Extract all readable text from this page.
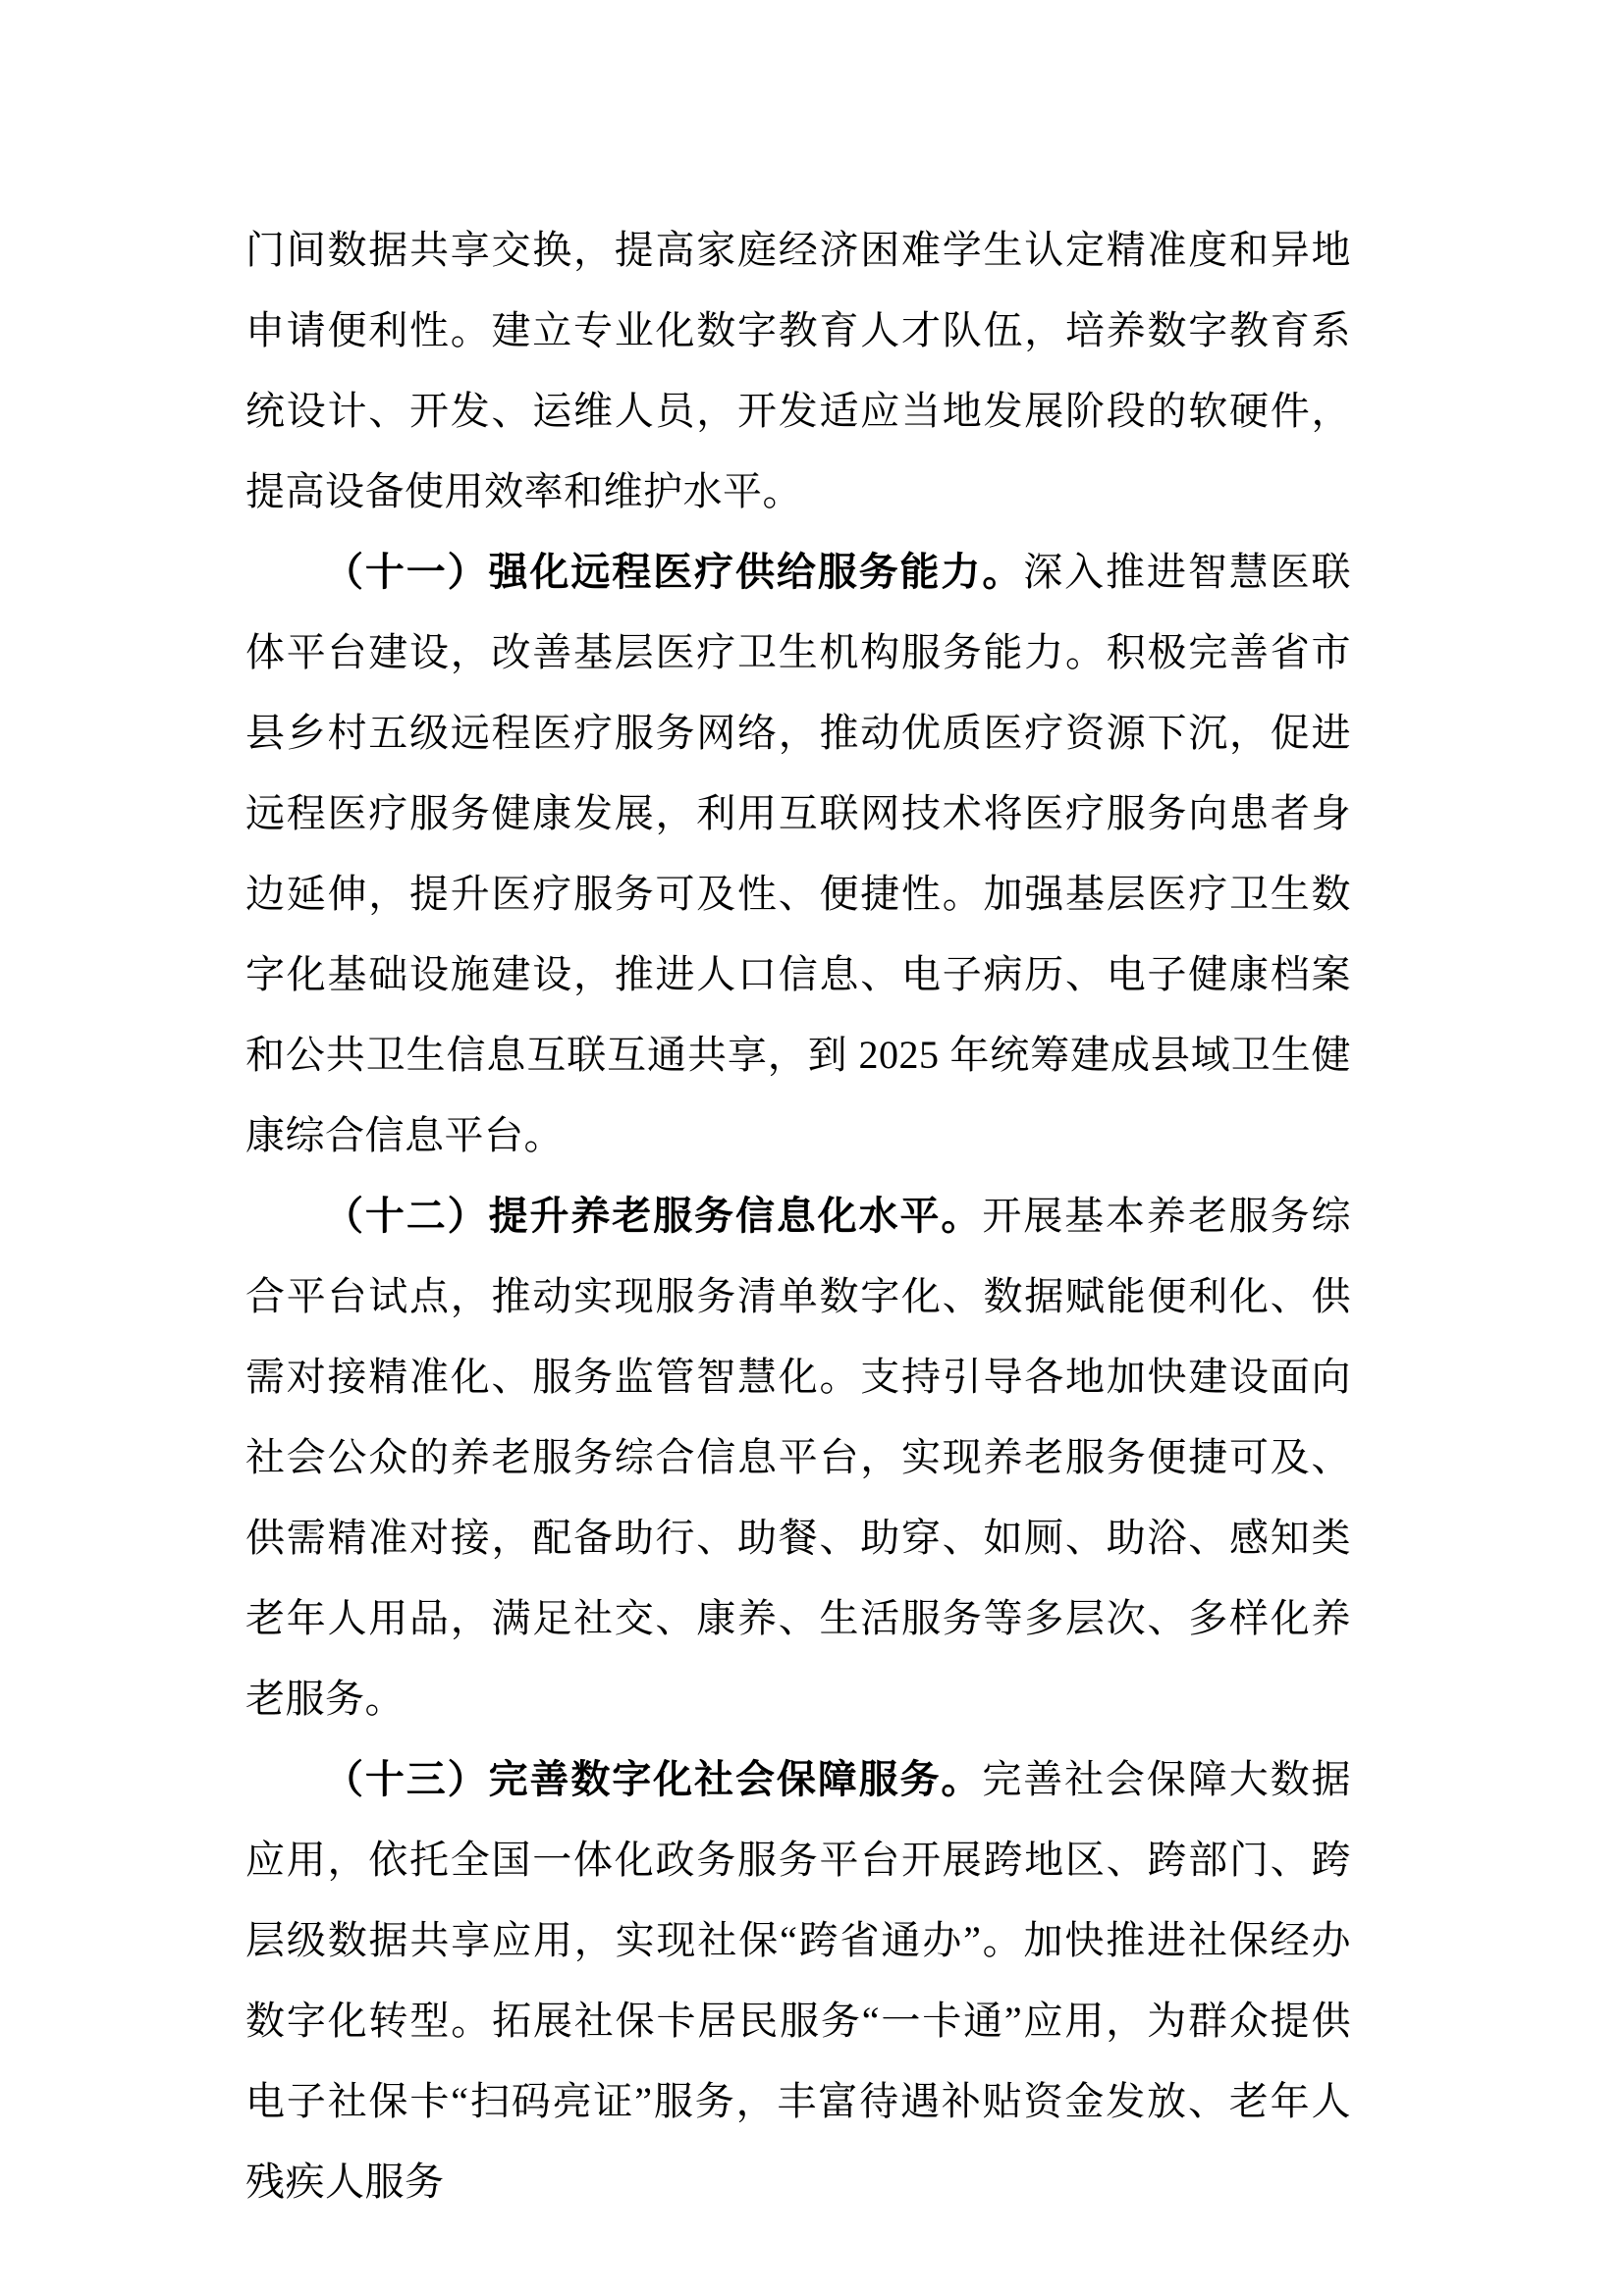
门间数据共享交换，提高家庭经济困难学生认定精准度和异地申请便利性。建立专业化数字教育人才队伍，培养数字教育系统设计、开发、运维人员，开发适应当地发展阶段的软硬件，提高设备使用效率和维护水平。

（十一）强化远程医疗供给服务能力。深入推进智慧医联体平台建设，改善基层医疗卫生机构服务能力。积极完善省市县乡村五级远程医疗服务网络，推动优质医疗资源下沉，促进远程医疗服务健康发展，利用互联网技术将医疗服务向患者身边延伸，提升医疗服务可及性、便捷性。加强基层医疗卫生数字化基础设施建设，推进人口信息、电子病历、电子健康档案和公共卫生信息互联互通共享，到 2025 年统筹建成县域卫生健康综合信息平台。

（十二）提升养老服务信息化水平。开展基本养老服务综合平台试点，推动实现服务清单数字化、数据赋能便利化、供需对接精准化、服务监管智慧化。支持引导各地加快建设面向社会公众的养老服务综合信息平台，实现养老服务便捷可及、供需精准对接，配备助行、助餐、助穿、如厕、助浴、感知类老年人用品，满足社交、康养、生活服务等多层次、多样化养老服务。

（十三）完善数字化社会保障服务。完善社会保障大数据应用，依托全国一体化政务服务平台开展跨地区、跨部门、跨层级数据共享应用，实现社保“跨省通办”。加快推进社保经办数字化转型。拓展社保卡居民服务“一卡通”应用，为群众提供电子社保卡“扫码亮证”服务，丰富待遇补贴资金发放、老年人残疾人服务
